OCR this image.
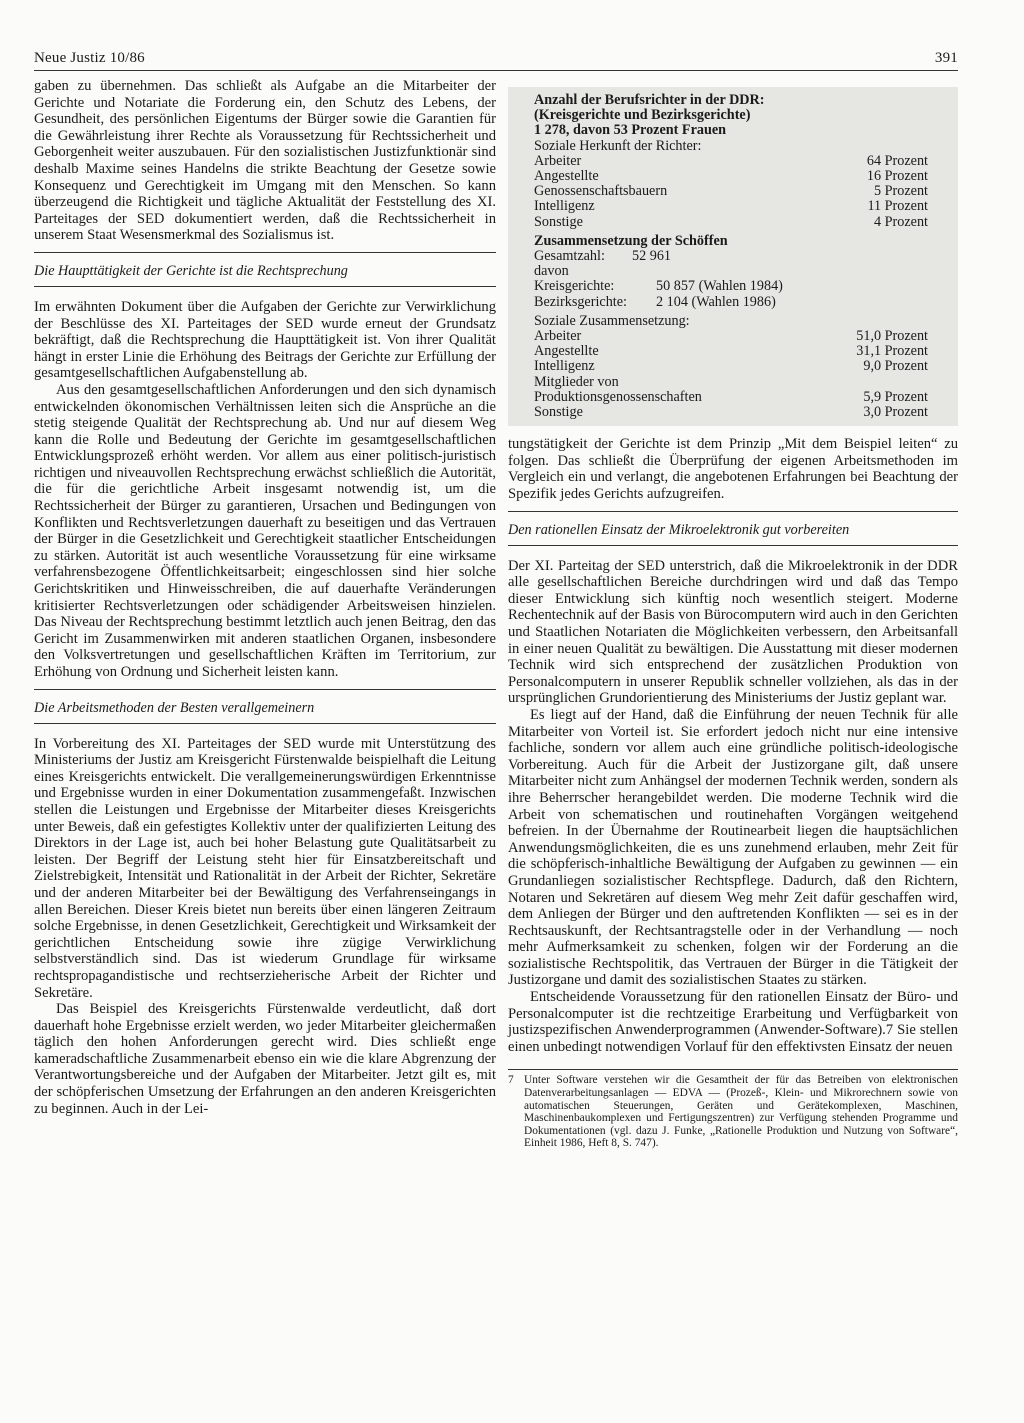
Neue Justiz 10/86	391

gaben zu übernehmen. Das schließt als Aufgabe an die Mitarbeiter der Gerichte und Notariate die Forderung ein, den Schutz des Lebens, der Gesundheit, des persönlichen Eigentums der Bürger sowie die Garantien für die Gewährleistung ihrer Rechte als Voraussetzung für Rechtssicherheit und Geborgenheit weiter auszubauen. Für den sozialistischen Justizfunktionär sind deshalb Maxime seines Handelns die strikte Beachtung der Gesetze sowie Konsequenz und Gerechtigkeit im Umgang mit den Menschen. So kann überzeugend die Richtigkeit und tägliche Aktualität der Feststellung des XI. Parteitages der SED dokumentiert werden, daß die Rechtssicherheit in unserem Staat Wesensmerkmal des Sozialismus ist.

Die Haupttätigkeit der Gerichte ist die Rechtsprechung

Im erwähnten Dokument über die Aufgaben der Gerichte zur Verwirklichung der Beschlüsse des XI. Parteitages der SED wurde erneut der Grundsatz bekräftigt, daß die Rechtsprechung die Haupttätigkeit ist. Von ihrer Qualität hängt in erster Linie die Erhöhung des Beitrags der Gerichte zur Erfüllung der gesamtgesellschaftlichen Aufgabenstellung ab.

Aus den gesamtgesellschaftlichen Anforderungen und den sich dynamisch entwickelnden ökonomischen Verhältnissen leiten sich die Ansprüche an die stetig steigende Qualität der Rechtsprechung ab. Und nur auf diesem Weg kann die Rolle und Bedeutung der Gerichte im gesamtgesellschaftlichen Entwicklungsprozeß erhöht werden. Vor allem aus einer politisch-juristisch richtigen und niveauvollen Rechtsprechung erwächst schließlich die Autorität, die für die gerichtliche Arbeit insgesamt notwendig ist, um die Rechtssicherheit der Bürger zu garantieren, Ursachen und Bedingungen von Konflikten und Rechtsverletzungen dauerhaft zu beseitigen und das Vertrauen der Bürger in die Gesetzlichkeit und Gerechtigkeit staatlicher Entscheidungen zu stärken. Autorität ist auch wesentliche Voraussetzung für eine wirksame verfahrensbezogene Öffentlichkeitsarbeit; eingeschlossen sind hier solche Gerichtskritiken und Hinweisschreiben, die auf dauerhafte Veränderungen kritisierter Rechtsverletzungen oder schädigender Arbeitsweisen hinzielen. Das Niveau der Rechtsprechung bestimmt letztlich auch jenen Beitrag, den das Gericht im Zusammenwirken mit anderen staatlichen Organen, insbesondere den Volksvertretungen und gesellschaftlichen Kräften im Territorium, zur Erhöhung von Ordnung und Sicherheit leisten kann.

Die Arbeitsmethoden der Besten verallgemeinern

In Vorbereitung des XI. Parteitages der SED wurde mit Unterstützung des Ministeriums der Justiz am Kreisgericht Fürstenwalde beispielhaft die Leitung eines Kreisgerichts entwickelt. Die verallgemeinerungswürdigen Erkenntnisse und Ergebnisse wurden in einer Dokumentation zusammengefaßt. Inzwischen stellen die Leistungen und Ergebnisse der Mitarbeiter dieses Kreisgerichts unter Beweis, daß ein gefestigtes Kollektiv unter der qualifizierten Leitung des Direktors in der Lage ist, auch bei hoher Belastung gute Qualitätsarbeit zu leisten. Der Begriff der Leistung steht hier für Einsatzbereitschaft und Zielstrebigkeit, Intensität und Rationalität in der Arbeit der Richter, Sekretäre und der anderen Mitarbeiter bei der Bewältigung des Verfahrenseingangs in allen Bereichen. Dieser Kreis bietet nun bereits über einen längeren Zeitraum solche Ergebnisse, in denen Gesetzlichkeit, Gerechtigkeit und Wirksamkeit der gerichtlichen Entscheidung sowie ihre zügige Verwirklichung selbstverständlich sind. Das ist wiederum Grundlage für wirksame rechtspropagandistische und rechtserzieherische Arbeit der Richter und Sekretäre.

Das Beispiel des Kreisgerichts Fürstenwalde verdeutlicht, daß dort dauerhaft hohe Ergebnisse erzielt werden, wo jeder Mitarbeiter gleichermaßen täglich den hohen Anforderungen gerecht wird. Dies schließt enge kameradschaftliche Zusammenarbeit ebenso ein wie die klare Abgrenzung der Verantwortungsbereiche und der Aufgaben der Mitarbeiter. Jetzt gilt es, mit der schöpferischen Umsetzung der Erfahrungen an den anderen Kreisgerichten zu beginnen. Auch in der Lei-

Anzahl der Berufsrichter in der DDR:
(Kreisgerichte und Bezirksgerichte)
1 278, davon 53 Prozent Frauen
Soziale Herkunft der Richter:
Arbeiter	64 Prozent
Angestellte	16 Prozent
Genossenschaftsbauern	5 Prozent
Intelligenz	11 Prozent
Sonstige	4 Prozent
Zusammensetzung der Schöffen
Gesamtzahl: 52 961
davon
Kreisgerichte:	50 857 (Wahlen 1984)
Bezirksgerichte: 2 104 (Wahlen 1986)
Soziale Zusammensetzung:
Arbeiter	51,0 Prozent
Angestellte	31,1 Prozent
Intelligenz	9,0 Prozent
Mitglieder von
Produktionsgenossenschaften	5,9 Prozent
Sonstige	3,0 Prozent

tungstätigkeit der Gerichte ist dem Prinzip „Mit dem Beispiel leiten“ zu folgen. Das schließt die Überprüfung der eigenen Arbeitsmethoden im Vergleich ein und verlangt, die angebotenen Erfahrungen bei Beachtung der Spezifik jedes Gerichts aufzugreifen.

Den rationellen Einsatz der Mikroelektronik gut vorbereiten

Der XI. Parteitag der SED unterstrich, daß die Mikroelektronik in der DDR alle gesellschaftlichen Bereiche durchdringen wird und daß das Tempo dieser Entwicklung sich künftig noch wesentlich steigert. Moderne Rechentechnik auf der Basis von Bürocomputern wird auch in den Gerichten und Staatlichen Notariaten die Möglichkeiten verbessern, den Arbeitsanfall in einer neuen Qualität zu bewältigen. Die Ausstattung mit dieser modernen Technik wird sich entsprechend der zusätzlichen Produktion von Personalcomputern in unserer Republik schneller vollziehen, als das in der ursprünglichen Grundorientierung des Ministeriums der Justiz geplant war.

Es liegt auf der Hand, daß die Einführung der neuen Technik für alle Mitarbeiter von Vorteil ist. Sie erfordert jedoch nicht nur eine intensive fachliche, sondern vor allem auch eine gründliche politisch-ideologische Vorbereitung. Auch für die Arbeit der Justizorgane gilt, daß unsere Mitarbeiter nicht zum Anhängsel der modernen Technik werden, sondern als ihre Beherrscher herangebildet werden. Die moderne Technik wird die Arbeit von schematischen und routinehaften Vorgängen weitgehend befreien. In der Übernahme der Routinearbeit liegen die hauptsächlichen Anwendungsmöglichkeiten, die es uns zunehmend erlauben, mehr Zeit für die schöpferisch-inhaltliche Bewältigung der Aufgaben zu gewinnen — ein Grundanliegen sozialistischer Rechtspflege. Dadurch, daß den Richtern, Notaren und Sekretären auf diesem Weg mehr Zeit dafür geschaffen wird, dem Anliegen der Bürger und den auftretenden Konflikten — sei es in der Rechtsauskunft, der Rechtsantragstelle oder in der Verhandlung — noch mehr Aufmerksamkeit zu schenken, folgen wir der Forderung an die sozialistische Rechtspolitik, das Vertrauen der Bürger in die Tätigkeit der Justizorgane und damit des sozialistischen Staates zu stärken.

Entscheidende Voraussetzung für den rationellen Einsatz der Büro- und Personalcomputer ist die rechtzeitige Erarbeitung und Verfügbarkeit von justizspezifischen Anwenderprogrammen (Anwender-Software).7 Sie stellen einen unbedingt notwendigen Vorlauf für den effektivsten Einsatz der neuen

7 Unter Software verstehen wir die Gesamtheit der für das Betreiben von elektronischen Datenverarbeitungsanlagen — EDVA — (Prozeß-, Klein- und Mikrorechnern sowie von automatischen Steuerungen, Geräten und Gerätekomplexen, Maschinen, Maschinenbaukomplexen und Fertigungszentren) zur Verfügung stehenden Programme und Dokumentationen (vgl. dazu J. Funke, „Rationelle Produktion und Nutzung von Software“, Einheit 1986, Heft 8, S. 747).
